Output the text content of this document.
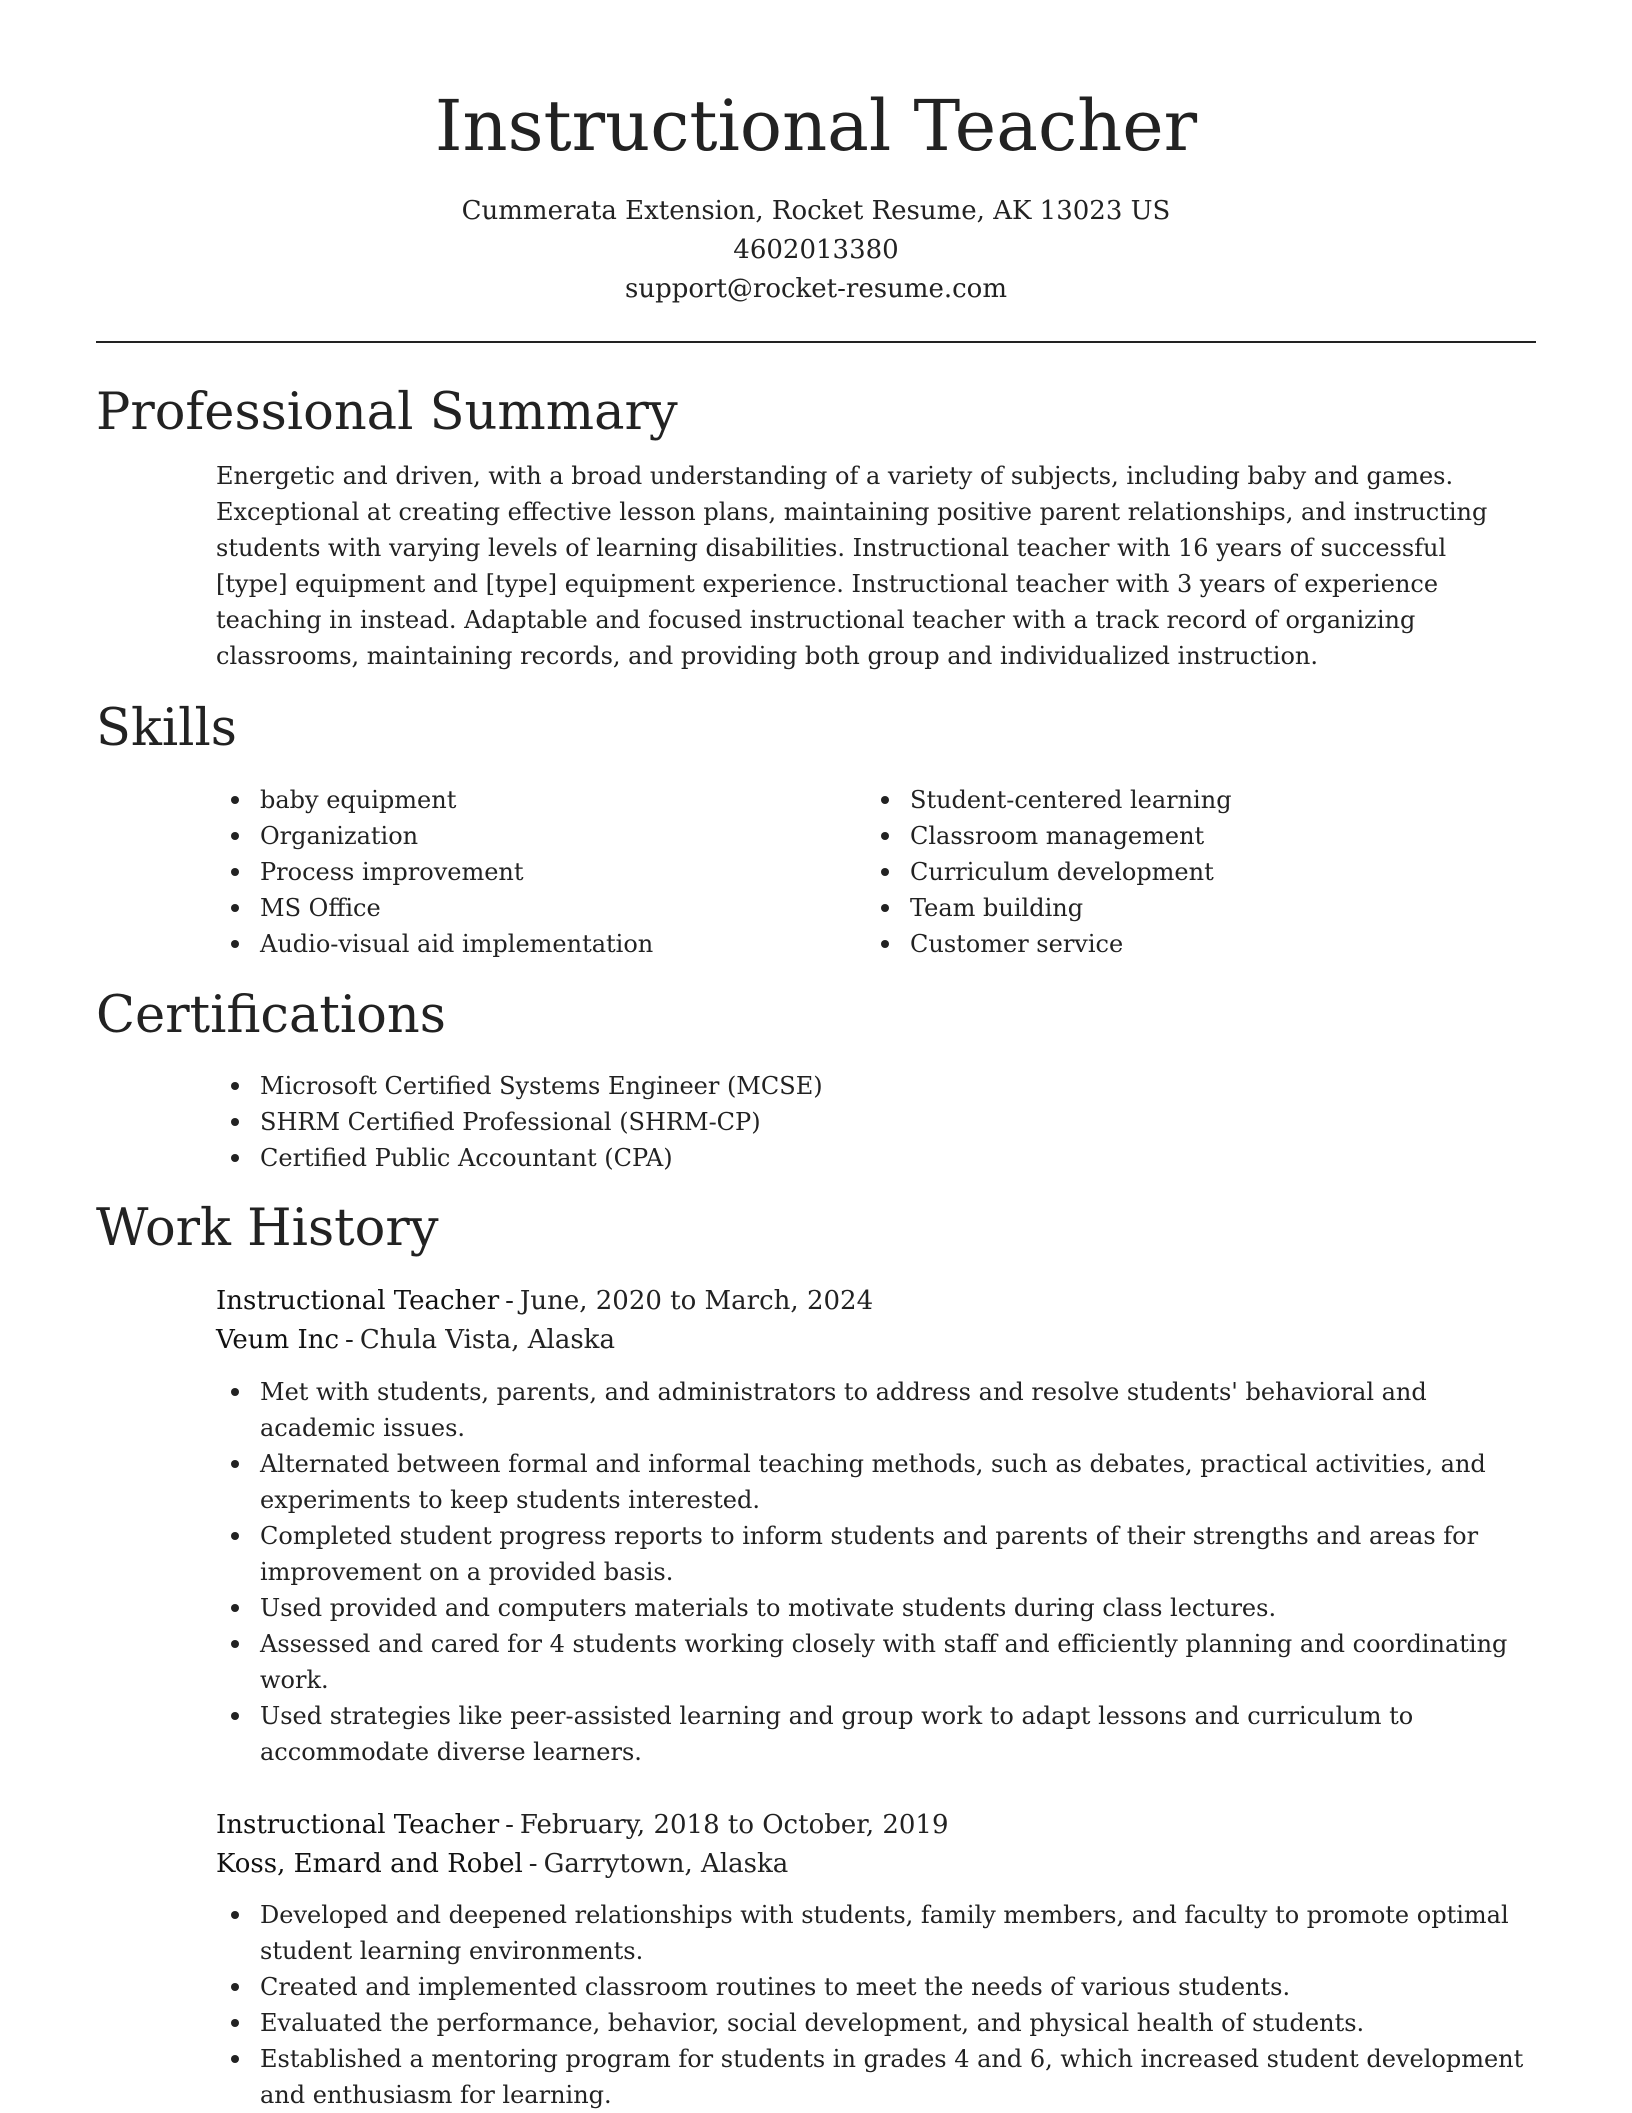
Instructional Teacher
Cummerata Extension, Rocket Resume, AK 13023 US
4602013380
support@rocket-resume.com
Professional Summary

Energetic and driven, with a broad understanding of a variety of subjects, including baby and games. Exceptional at creating effective lesson plans, maintaining positive parent relationships, and instructing students with varying levels of learning disabilities. Instructional teacher with 16 years of successful [type] equipment and [type] equipment experience. Instructional teacher with 3 years of experience teaching in instead. Adaptable and focused instructional teacher with a track record of organizing classrooms, maintaining records, and providing both group and individualized instruction.

Skills
baby equipment
Organization
Process improvement
MS Office
Audio-visual aid implementation
Student-centered learning
Classroom management
Curriculum development
Team building
Customer service
Certifications
Microsoft Certified Systems Engineer (MCSE)
SHRM Certified Professional (SHRM-CP)
Certified Public Accountant (CPA)
Work History
Instructional Teacher - June, 2020 to March, 2024
Veum Inc - Chula Vista, Alaska
Met with students, parents, and administrators to address and resolve students' behavioral and academic issues.
Alternated between formal and informal teaching methods, such as debates, practical activities, and experiments to keep students interested.
Completed student progress reports to inform students and parents of their strengths and areas for improvement on a provided basis.
Used provided and computers materials to motivate students during class lectures.
Assessed and cared for 4 students working closely with staff and efficiently planning and coordinating work.
Used strategies like peer-assisted learning and group work to adapt lessons and curriculum to accommodate diverse learners.
Instructional Teacher - February, 2018 to October, 2019
Koss, Emard and Robel - Garrytown, Alaska
Developed and deepened relationships with students, family members, and faculty to promote optimal student learning environments.
Created and implemented classroom routines to meet the needs of various students.
Evaluated the performance, behavior, social development, and physical health of students.
Established a mentoring program for students in grades 4 and 6, which increased student development and enthusiasm for learning.
